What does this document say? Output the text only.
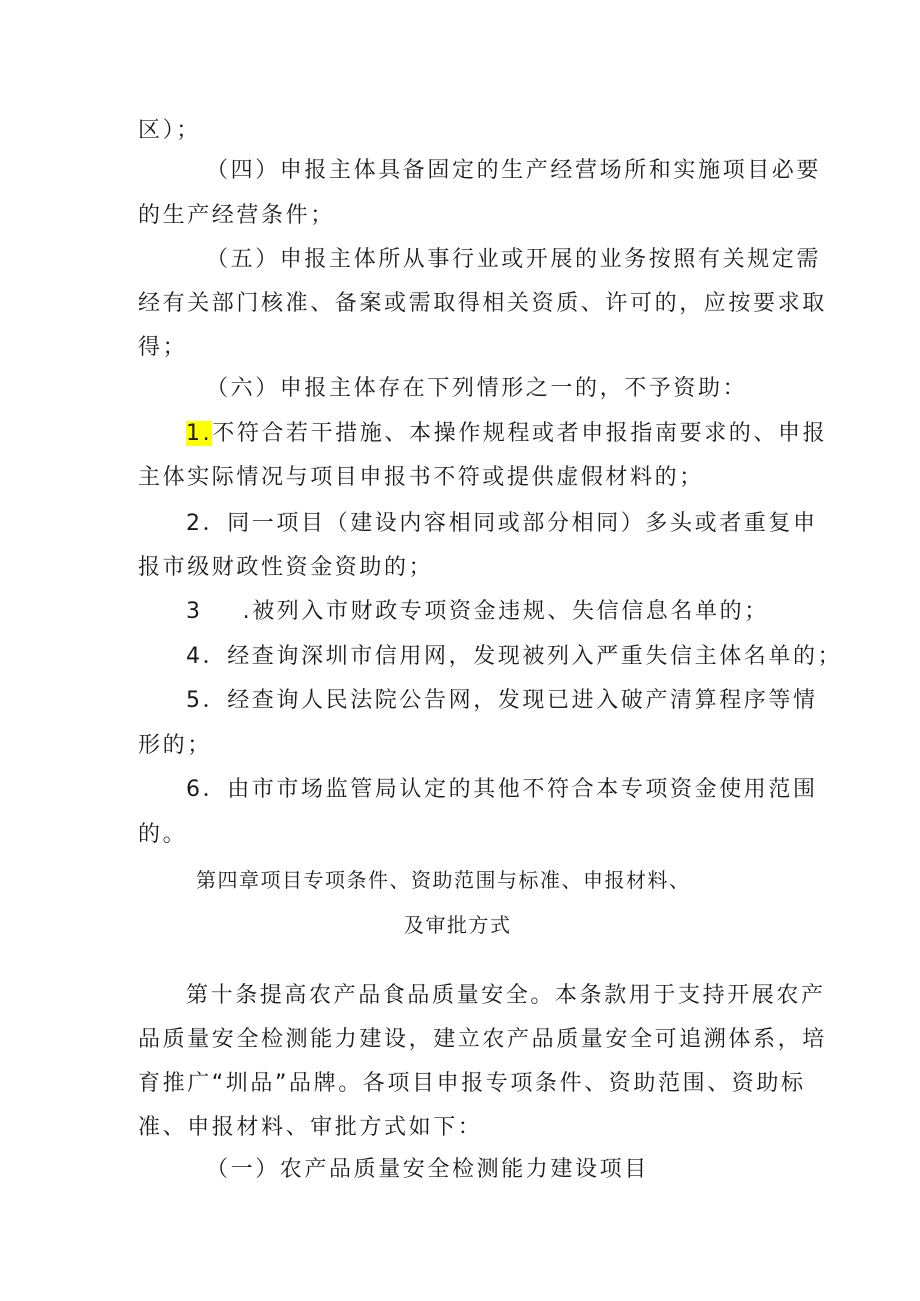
区）；
（四）申报主体具备固定的生产经营场所和实施项目必要
的生产经营条件；
（五）申报主体所从事行业或开展的业务按照有关规定需
经有关部门核准、备案或需取得相关资质、许可的，应按要求取
得；
（六）申报主体存在下列情形之一的，不予资助：
1.不符合若干措施、本操作规程或者申报指南要求的、申报
主体实际情况与项目申报书不符或提供虚假材料的；
2．同一项目（建设内容相同或部分相同）多头或者重复申
报市级财政性资金资助的；
3 .被列入市财政专项资金违规、失信信息名单的；
4．经查询深圳市信用网，发现被列入严重失信主体名单的；
5．经查询人民法院公告网，发现已进入破产清算程序等情
形的；
6．由市市场监管局认定的其他不符合本专项资金使用范围
的。
第四章项目专项条件、资助范围与标准、申报材料、
及审批方式
第十条提高农产品食品质量安全。本条款用于支持开展农产
品质量安全检测能力建设，建立农产品质量安全可追溯体系，培
育推广“圳品”品牌。各项目申报专项条件、资助范围、资助标
准、申报材料、审批方式如下：
（一）农产品质量安全检测能力建设项目
